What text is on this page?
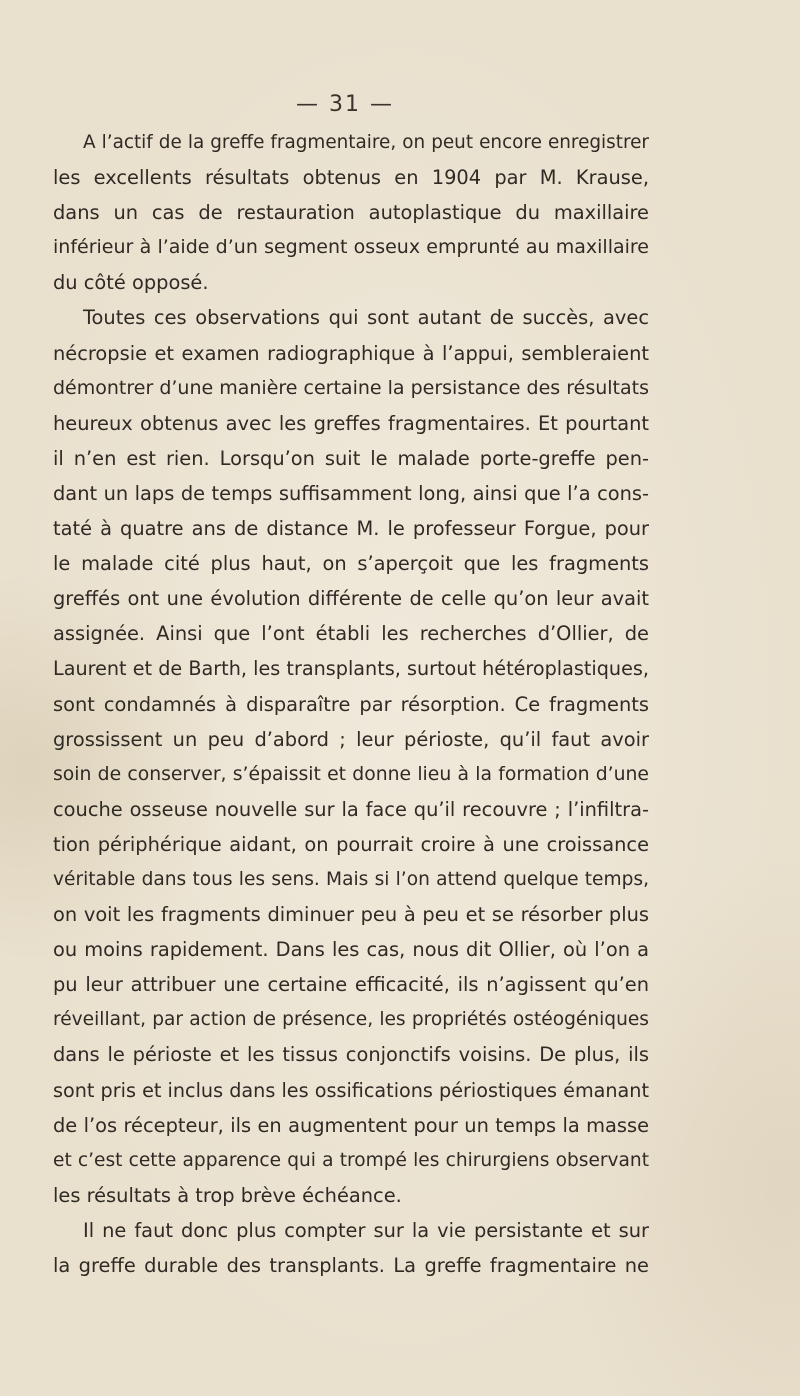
— 31 —
A l’actif de la greffe fragmentaire, on peut encore enregistrer
les excellents résultats obtenus en 1904 par M. Krause,
dans un cas de restauration autoplastique du maxillaire
inférieur à l’aide d’un segment osseux emprunté au maxillaire
du côté opposé.
Toutes ces observations qui sont autant de succès, avec
nécropsie et examen radiographique à l’appui, sembleraient
démontrer d’une manière certaine la persistance des résultats
heureux obtenus avec les greffes fragmentaires. Et pourtant
il n’en est rien. Lorsqu’on suit le malade porte-greffe pen-
dant un laps de temps suffisamment long, ainsi que l’a cons-
taté à quatre ans de distance M. le professeur Forgue, pour
le malade cité plus haut, on s’aperçoit que les fragments
greffés ont une évolution différente de celle qu’on leur avait
assignée. Ainsi que l’ont établi les recherches d’Ollier, de
Laurent et de Barth, les transplants, surtout hétéroplastiques,
sont condamnés à disparaître par résorption. Ce fragments
grossissent un peu d’abord ; leur périoste, qu’il faut avoir
soin de conserver, s’épaissit et donne lieu à la formation d’une
couche osseuse nouvelle sur la face qu’il recouvre ; l’infiltra-
tion périphérique aidant, on pourrait croire à une croissance
véritable dans tous les sens. Mais si l’on attend quelque temps,
on voit les fragments diminuer peu à peu et se résorber plus
ou moins rapidement. Dans les cas, nous dit Ollier, où l’on a
pu leur attribuer une certaine efficacité, ils n’agissent qu’en
réveillant, par action de présence, les propriétés ostéogéniques
dans le périoste et les tissus conjonctifs voisins. De plus, ils
sont pris et inclus dans les ossifications périostiques émanant
de l’os récepteur, ils en augmentent pour un temps la masse
et c’est cette apparence qui a trompé les chirurgiens observant
les résultats à trop brève échéance.
Il ne faut donc plus compter sur la vie persistante et sur
la greffe durable des transplants. La greffe fragmentaire ne
